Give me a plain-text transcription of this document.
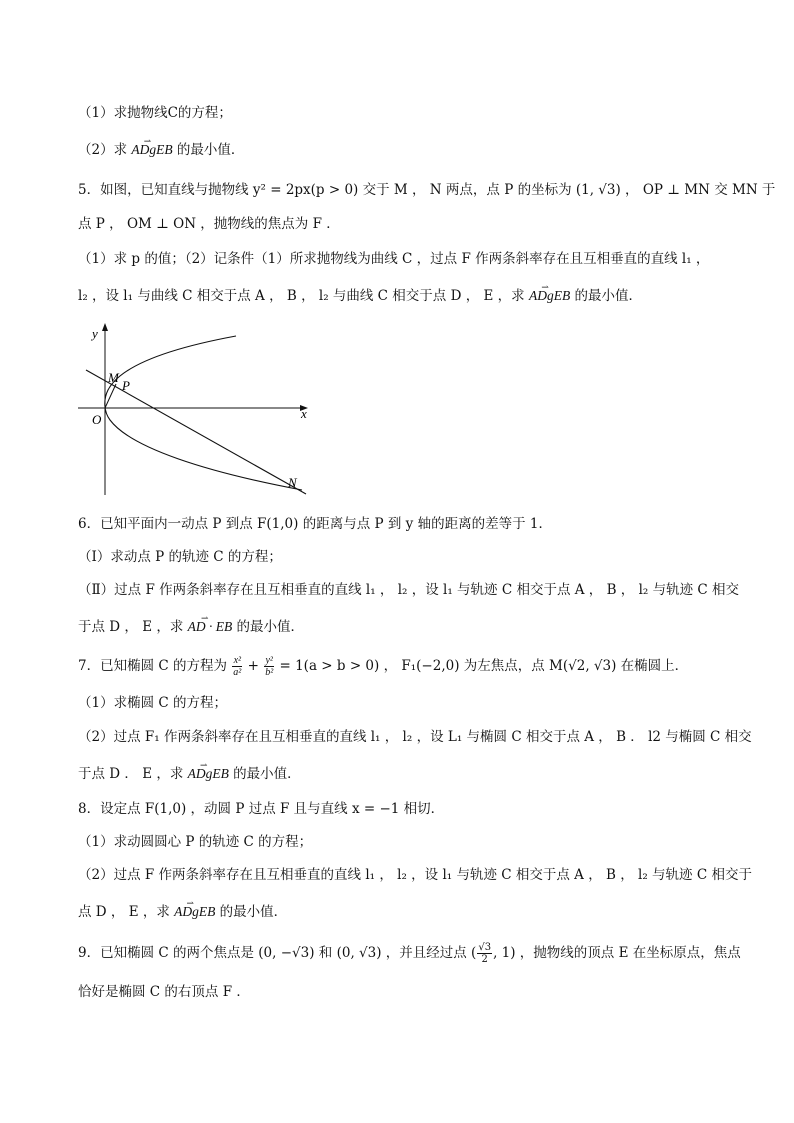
（1）求抛物线C的方程；
（2）求 ⇀ ADgEB 的最小值．
5．如图，已知直线与抛物线 y² = 2px(p > 0) 交于 M ， N 两点，点 P 的坐标为 (1, √3) ， OP ⊥ MN 交 MN 于
点 P ， OM ⊥ ON ，抛物线的焦点为 F ．
（1）求 p 的值；（2）记条件（1）所求抛物线为曲线 C ，过点 F 作两条斜率存在且互相垂直的直线 l₁ ，
l₂ ，设 l₁ 与曲线 C 相交于点 A ， B ， l₂ 与曲线 C 相交于点 D ， E ，求 ⇀ ADgEB 的最小值．
y
x
O
M
P
N
6．已知平面内一动点 P 到点 F(1,0) 的距离与点 P 到 y 轴的距离的差等于 1．
（Ⅰ）求动点 P 的轨迹 C 的方程；
（Ⅱ）过点 F 作两条斜率存在且互相垂直的直线 l₁ ， l₂ ，设 l₁ 与轨迹 C 相交于点 A ， B ， l₂ 与轨迹 C 相交
于点 D ， E ，求 ⇀ AD · EB 的最小值．
7．已知椭圆 C 的方程为 $\frac{\text{x²}}{\text{a²}} + \frac{\text{y²}}{\text{b²}} = 1(a > b > 0)$ ， F₁(−2,0) 为左焦点，点 M(√2, √3) 在椭圆上．
（1）求椭圆 C 的方程；
（2）过点 F₁ 作两条斜率存在且互相垂直的直线 l₁ ， l₂ ，设 L₁ 与椭圆 C 相交于点 A ， B ． l2 与椭圆 C 相交
于点 D ． E ，求 ⇀ ADgEB 的最小值．
8．设定点 F(1,0) ，动圆 P 过点 F 且与直线 x = −1 相切．
（1）求动圆圆心 P 的轨迹 C 的方程；
（2）过点 F 作两条斜率存在且互相垂直的直线 l₁ ， l₂ ，设 l₁ 与轨迹 C 相交于点 A ， B ， l₂ 与轨迹 C 相交于
点 D ， E ，求 ⇀ ADgEB 的最小值．
9．已知椭圆 C 的两个焦点是 (0, −√3) 和 (0, √3) ，并且经过点 ( $\frac{√3}{2}$ , 1) ，抛物线的顶点 E 在坐标原点，焦点
恰好是椭圆 C 的右顶点 F ．
